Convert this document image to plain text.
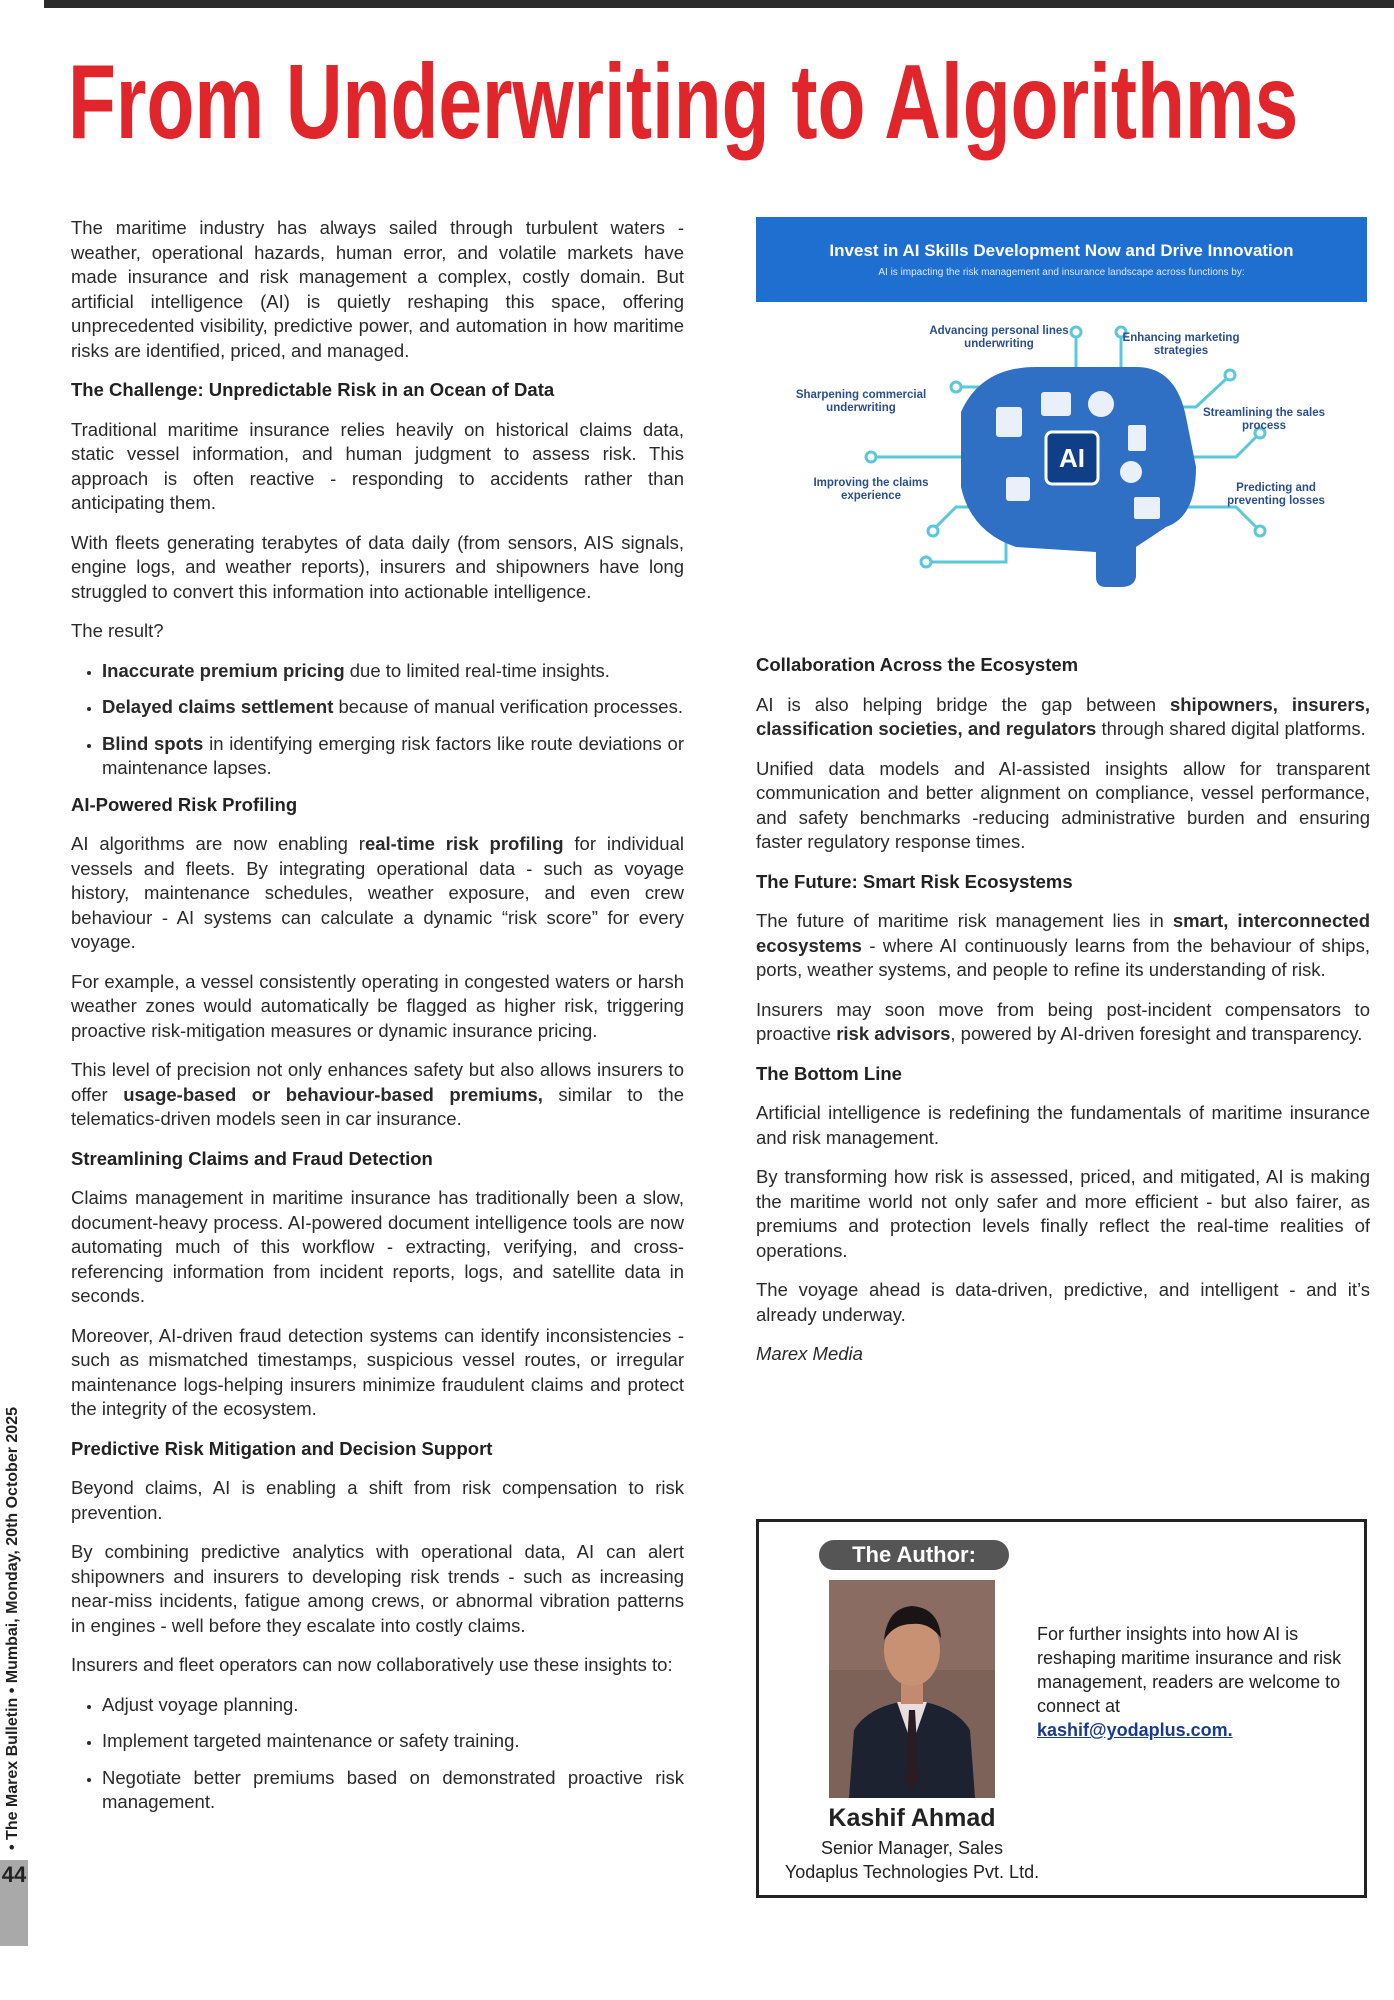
From Underwriting to Algorithms

The maritime industry has always sailed through turbulent waters - weather, operational hazards, human error, and volatile markets have made insurance and risk management a complex, costly domain. But artificial intelligence (AI) is quietly reshaping this space, offering unprecedented visibility, predictive power, and automation in how maritime risks are identified, priced, and managed.

The Challenge: Unpredictable Risk in an Ocean of Data

Traditional maritime insurance relies heavily on historical claims data, static vessel information, and human judgment to assess risk. This approach is often reactive - responding to accidents rather than anticipating them.

With fleets generating terabytes of data daily (from sensors, AIS signals, engine logs, and weather reports), insurers and shipowners have long struggled to convert this information into actionable intelligence.

The result?

• Inaccurate premium pricing due to limited real-time insights.
• Delayed claims settlement because of manual verification processes.
• Blind spots in identifying emerging risk factors like route deviations or maintenance lapses.
AI-Powered Risk Profiling

AI algorithms are now enabling real-time risk profiling for individual vessels and fleets. By integrating operational data - such as voyage history, maintenance schedules, weather exposure, and even crew behaviour - AI systems can calculate a dynamic “risk score” for every voyage.

For example, a vessel consistently operating in congested waters or harsh weather zones would automatically be flagged as higher risk, triggering proactive risk-mitigation measures or dynamic insurance pricing.

This level of precision not only enhances safety but also allows insurers to offer usage-based or behaviour-based premiums, similar to the telematics-driven models seen in car insurance.

Streamlining Claims and Fraud Detection

Claims management in maritime insurance has traditionally been a slow, document-heavy process. AI-powered document intelligence tools are now automating much of this workflow - extracting, verifying, and cross-referencing information from incident reports, logs, and satellite data in seconds.

Moreover, AI-driven fraud detection systems can identify inconsistencies - such as mismatched timestamps, suspicious vessel routes, or irregular maintenance logs-helping insurers minimize fraudulent claims and protect the integrity of the ecosystem.

Predictive Risk Mitigation and Decision Support

Beyond claims, AI is enabling a shift from risk compensation to risk prevention.

By combining predictive analytics with operational data, AI can alert shipowners and insurers to developing risk trends - such as increasing near-miss incidents, fatigue among crews, or abnormal vibration patterns in engines - well before they escalate into costly claims.

Insurers and fleet operators can now collaboratively use these insights to:

• Adjust voyage planning.
• Implement targeted maintenance or safety training.
• Negotiate better premiums based on demonstrated proactive risk management.
Invest in AI Skills Development Now and Drive Innovation
AI is impacting the risk management and insurance landscape across functions by:
AI
Advancing personal lines underwriting	Enhancing marketing strategies
Sharpening commercial underwriting	Streamlining the sales process
Improving the claims experience
Predicting and preventing losses
Collaboration Across the Ecosystem

AI is also helping bridge the gap between shipowners, insurers, classification societies, and regulators through shared digital platforms.

Unified data models and AI-assisted insights allow for transparent communication and better alignment on compliance, vessel performance, and safety benchmarks -reducing administrative burden and ensuring faster regulatory response times.

The Future: Smart Risk Ecosystems

The future of maritime risk management lies in smart, interconnected ecosystems - where AI continuously learns from the behaviour of ships, ports, weather systems, and people to refine its understanding of risk.

Insurers may soon move from being post-incident compensators to proactive risk advisors, powered by AI-driven foresight and transparency.

The Bottom Line

Artificial intelligence is redefining the fundamentals of maritime insurance and risk management.

By transforming how risk is assessed, priced, and mitigated, AI is making the maritime world not only safer and more efficient - but also fairer, as premiums and protection levels finally reflect the real-time realities of operations.

The voyage ahead is data-driven, predictive, and intelligent - and it’s already underway.

Marex Media

The Author:
Kashif Ahmad
Senior Manager, Sales
Yodaplus Technologies Pvt. Ltd.
For further insights into how AI is reshaping maritime insurance and risk management, readers are welcome to connect at
kashif@yodaplus.com.
• The Marex Bulletin • Mumbai, Monday, 20th October 2025
44
